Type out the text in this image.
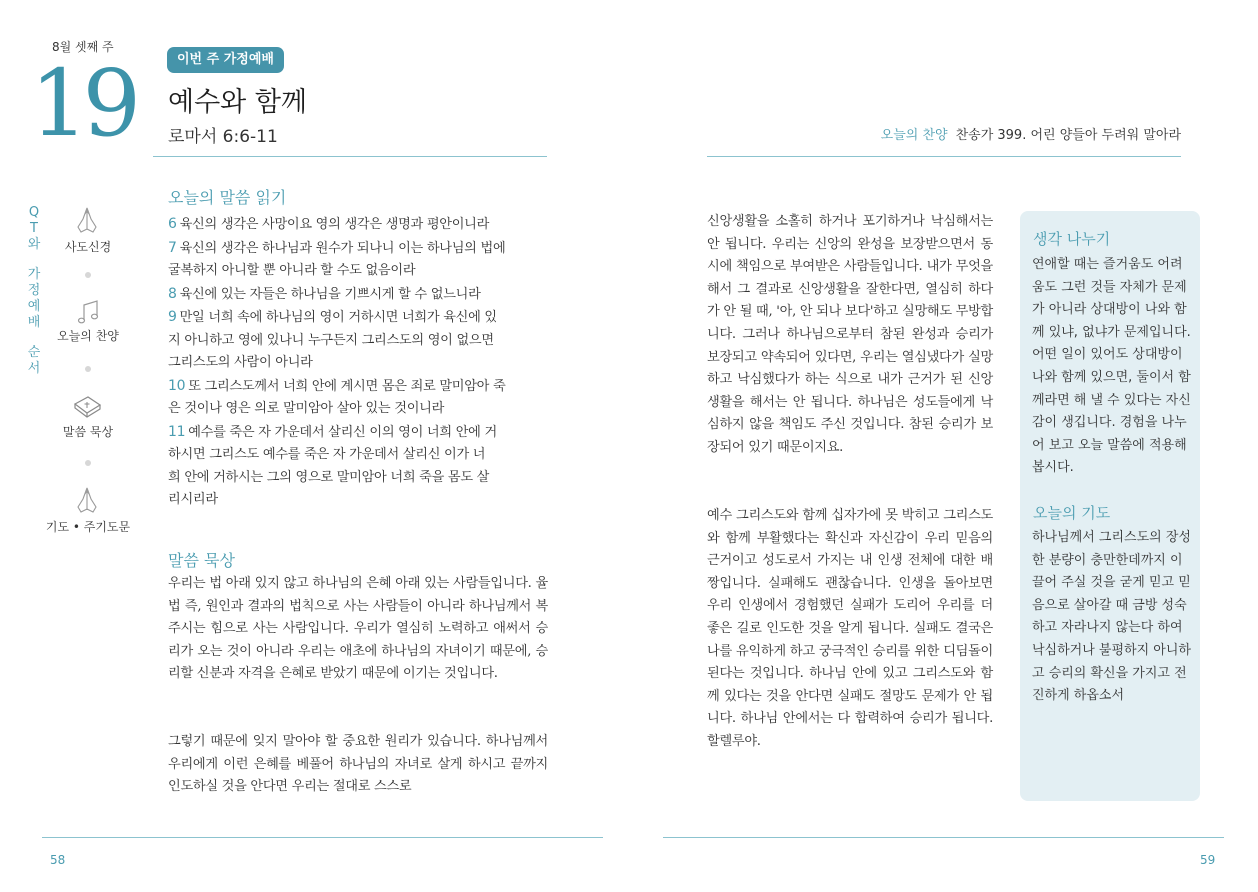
8월 셋째 주
19	이번 주 가정예배
예수와 함께
로마서 6:6-11
Q
T
와

가
정
예
배

순
서
사도신경
오늘의 찬양
말씀 묵상
기도 • 주기도문
오늘의 말씀 읽기
6 육신의 생각은 사망이요 영의 생각은 생명과 평안이니라
7 육신의 생각은 하나님과 원수가 되나니 이는 하나님의 법에
굴복하지 아니할 뿐 아니라 할 수도 없음이라
8 육신에 있는 자들은 하나님을 기쁘시게 할 수 없느니라
9 만일 너희 속에 하나님의 영이 거하시면 너희가 육신에 있
지 아니하고 영에 있나니 누구든지 그리스도의 영이 없으면
그리스도의 사람이 아니라
10 또 그리스도께서 너희 안에 계시면 몸은 죄로 말미암아 죽
은 것이나 영은 의로 말미암아 살아 있는 것이니라
11 예수를 죽은 자 가운데서 살리신 이의 영이 너희 안에 거
하시면 그리스도 예수를 죽은 자 가운데서 살리신 이가 너
희 안에 거하시는 그의 영으로 말미암아 너희 죽을 몸도 살
리시리라
말씀 묵상
우리는 법 아래 있지 않고 하나님의 은혜 아래 있는 사람들입니다. 율법 즉, 원인과 결과의 법칙으로 사는 사람들이 아니라 하나님께서 복 주시는 힘으로 사는 사람입니다. 우리가 열심히 노력하고 애써서 승리가 오는 것이 아니라 우리는 애초에 하나님의 자녀이기 때문에, 승리할 신분과 자격을 은혜로 받았기 때문에 이기는 것입니다.
그렇기 때문에 잊지 말아야 할 중요한 원리가 있습니다. 하나님께서 우리에게 이런 은혜를 베풀어 하나님의 자녀로 살게 하시고 끝까지 인도하실 것을 안다면 우리는 절대로 스스로
58
오늘의 찬양 찬송가 399. 어린 양들아 두려워 말아라
신앙생활을 소홀히 하거나 포기하거나 낙심해서는 안 됩니다. 우리는 신앙의 완성을 보장받으면서 동시에 책임으로 부여받은 사람들입니다. 내가 무엇을 해서 그 결과로 신앙생활을 잘한다면, 열심히 하다가 안 될 때, '아, 안 되나 보다'하고 실망해도 무방합니다. 그러나 하나님으로부터 참된 완성과 승리가 보장되고 약속되어 있다면, 우리는 열심냈다가 실망하고 낙심했다가 하는 식으로 내가 근거가 된 신앙생활을 해서는 안 됩니다. 하나님은 성도들에게 낙심하지 않을 책임도 주신 것입니다. 참된 승리가 보장되어 있기 때문이지요.
예수 그리스도와 함께 십자가에 못 박히고 그리스도와 함께 부활했다는 확신과 자신감이 우리 믿음의 근거이고 성도로서 가지는 내 인생 전체에 대한 배짱입니다. 실패해도 괜찮습니다. 인생을 돌아보면 우리 인생에서 경험했던 실패가 도리어 우리를 더 좋은 길로 인도한 것을 알게 됩니다. 실패도 결국은 나를 유익하게 하고 궁극적인 승리를 위한 디딤돌이 된다는 것입니다. 하나님 안에 있고 그리스도와 함께 있다는 것을 안다면 실패도 절망도 문제가 안 됩니다. 하나님 안에서는 다 합력하여 승리가 됩니다. 할렐루야.
생각 나누기
연애할 때는 즐거움도 어려움도 그런 것들 자체가 문제가 아니라 상대방이 나와 함께 있냐, 없냐가 문제입니다. 어떤 일이 있어도 상대방이 나와 함께 있으면, 둘이서 함께라면 해 낼 수 있다는 자신감이 생깁니다. 경험을 나누어 보고 오늘 말씀에 적용해 봅시다.
오늘의 기도
하나님께서 그리스도의 장성한 분량이 충만한데까지 이끌어 주실 것을 굳게 믿고 믿음으로 살아갈 때 금방 성숙하고 자라나지 않는다 하여 낙심하거나 불평하지 아니하고 승리의 확신을 가지고 전진하게 하옵소서
59
